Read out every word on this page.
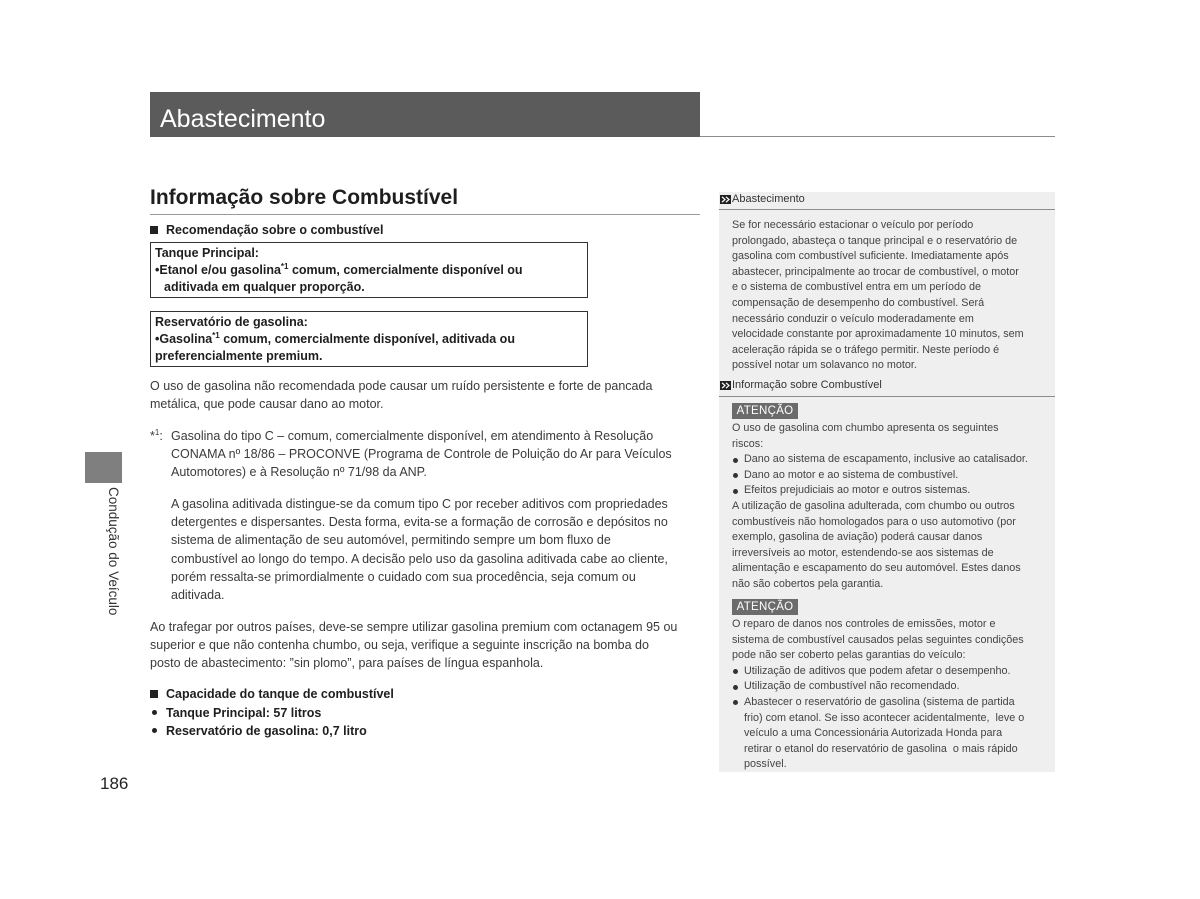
Abastecimento
Condução do Veículo
Informação sobre Combustível
Recomendação sobre o combustível
Tanque Principal:
•Etanol e/ou gasolina$^{*1}$ comum, comercialmente disponível ou
aditivada em qualquer proporção.
Reservatório de gasolina:
•Gasolina$^{*1}$ comum, comercialmente disponível, aditivada ou
preferencialmente premium.
O uso de gasolina não recomendada pode causar um ruído persistente e forte de pancada
metálica, que pode causar dano ao motor.
*$^1$: Gasolina do tipo C – comum, comercialmente disponível, em atendimento à Resolução
CONAMA nº 18/86 – PROCONVE (Programa de Controle de Poluição do Ar para Veículos
Automotores) e à Resolução nº 71/98 da ANP.
A gasolina aditivada distingue-se da comum tipo C por receber aditivos com propriedades
detergentes e dispersantes. Desta forma, evita-se a formação de corrosão e depósitos no
sistema de alimentação de seu automóvel, permitindo sempre um bom fluxo de
combustível ao longo do tempo. A decisão pelo uso da gasolina aditivada cabe ao cliente,
porém ressalta-se primordialmente o cuidado com sua procedência, seja comum ou
aditivada.
Ao trafegar por outros países, deve-se sempre utilizar gasolina premium com octanagem 95 ou
superior e que não contenha chumbo, ou seja, verifique a seguinte inscrição na bomba do
posto de abastecimento: ”sin plomo”, para países de língua espanhola.
Capacidade do tanque de combustível
Tanque Principal: 57 litros
Reservatório de gasolina: 0,7 litro
186
Abastecimento
Se for necessário estacionar o veículo por período
prolongado, abasteça o tanque principal e o reservatório de
gasolina com combustível suficiente. Imediatamente após
abastecer, principalmente ao trocar de combustível, o motor
e o sistema de combustível entra em um período de
compensação de desempenho do combustível. Será
necessário conduzir o veículo moderadamente em
velocidade constante por aproximadamente 10 minutos, sem
aceleração rápida se o tráfego permitir. Neste período é
possível notar um solavanco no motor.
Informação sobre Combustível
ATENÇÃO
O uso de gasolina com chumbo apresenta os seguintes
riscos:
Dano ao sistema de escapamento, inclusive ao catalisador.
Dano ao motor e ao sistema de combustível.
Efeitos prejudiciais ao motor e outros sistemas.
A utilização de gasolina adulterada, com chumbo ou outros
combustíveis não homologados para o uso automotivo (por
exemplo, gasolina de aviação) poderá causar danos
irreversíveis ao motor, estendendo-se aos sistemas de
alimentação e escapamento do seu automóvel. Estes danos
não são cobertos pela garantia.
ATENÇÃO
O reparo de danos nos controles de emissões, motor e
sistema de combustível causados pelas seguintes condições
pode não ser coberto pelas garantias do veículo:
Utilização de aditivos que podem afetar o desempenho.
Utilização de combustível não recomendado.
Abastecer o reservatório de gasolina (sistema de partida
frio) com etanol. Se isso acontecer acidentalmente,  leve o
veículo a uma Concessionária Autorizada Honda para
retirar o etanol do reservatório de gasolina  o mais rápido
possível.
